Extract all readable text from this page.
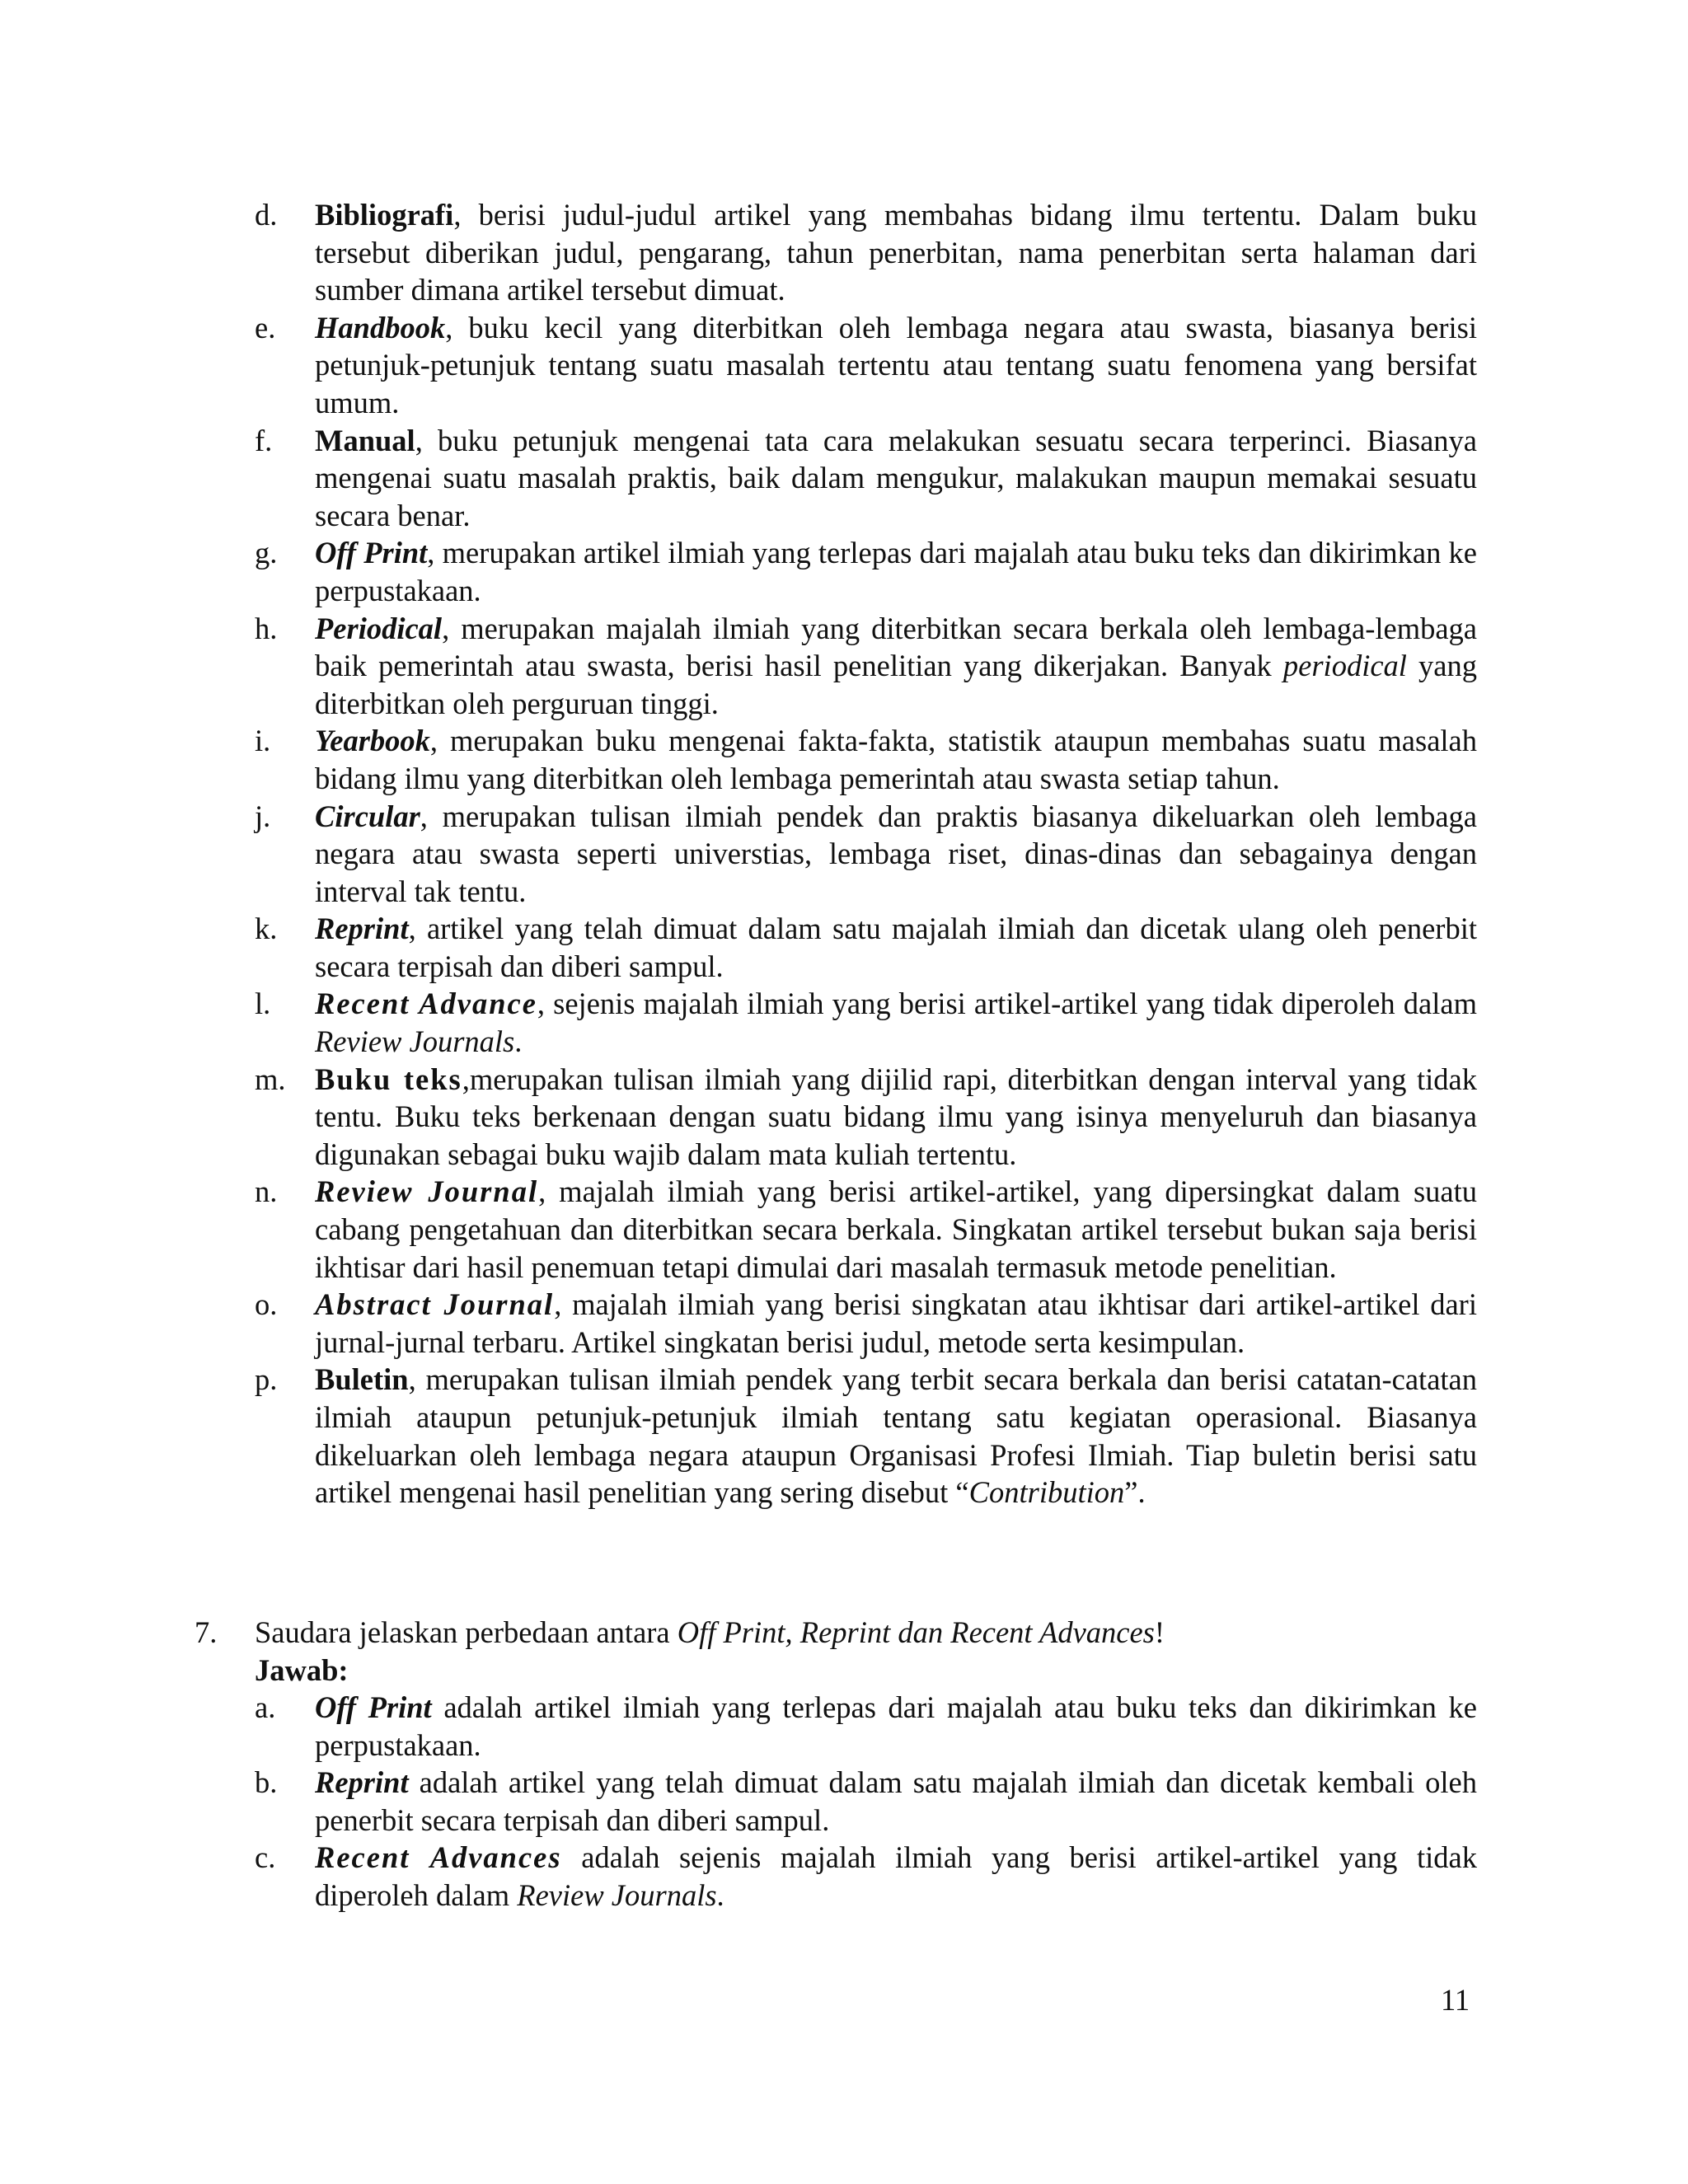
d. Bibliografi, berisi judul-judul artikel yang membahas bidang ilmu tertentu. Dalam buku tersebut diberikan judul, pengarang, tahun penerbitan, nama penerbitan serta halaman dari sumber dimana artikel tersebut dimuat.
e. Handbook, buku kecil yang diterbitkan oleh lembaga negara atau swasta, biasanya berisi petunjuk-petunjuk tentang suatu masalah tertentu atau tentang suatu fenomena yang bersifat umum.
f. Manual, buku petunjuk mengenai tata cara melakukan sesuatu secara terperinci. Biasanya mengenai suatu masalah praktis, baik dalam mengukur, malakukan maupun memakai sesuatu secara benar.
g. Off Print, merupakan artikel ilmiah yang terlepas dari majalah atau buku teks dan dikirimkan ke perpustakaan.
h. Periodical, merupakan majalah ilmiah yang diterbitkan secara berkala oleh lembaga-lembaga baik pemerintah atau swasta, berisi hasil penelitian yang dikerjakan. Banyak periodical yang diterbitkan oleh perguruan tinggi.
i. Yearbook, merupakan buku mengenai fakta-fakta, statistik ataupun membahas suatu masalah bidang ilmu yang diterbitkan oleh lembaga pemerintah atau swasta setiap tahun.
j. Circular, merupakan tulisan ilmiah pendek dan praktis biasanya dikeluarkan oleh lembaga negara atau swasta seperti universtias, lembaga riset, dinas-dinas dan sebagainya dengan interval tak tentu.
k. Reprint, artikel yang telah dimuat dalam satu majalah ilmiah dan dicetak ulang oleh penerbit secara terpisah dan diberi sampul.
l. Recent Advance, sejenis majalah ilmiah yang berisi artikel-artikel yang tidak diperoleh dalam Review Journals.
m. Buku teks,merupakan tulisan ilmiah yang dijilid rapi, diterbitkan dengan interval yang tidak tentu. Buku teks berkenaan dengan suatu bidang ilmu yang isinya menyeluruh dan biasanya digunakan sebagai buku wajib dalam mata kuliah tertentu.
n. Review Journal, majalah ilmiah yang berisi artikel-artikel, yang dipersingkat dalam suatu cabang pengetahuan dan diterbitkan secara berkala. Singkatan artikel tersebut bukan saja berisi ikhtisar dari hasil penemuan tetapi dimulai dari masalah termasuk metode penelitian.
o. Abstract Journal, majalah ilmiah yang berisi singkatan atau ikhtisar dari artikel-artikel dari jurnal-jurnal terbaru. Artikel singkatan berisi judul, metode serta kesimpulan.
p. Buletin, merupakan tulisan ilmiah pendek yang terbit secara berkala dan berisi catatan-catatan ilmiah ataupun petunjuk-petunjuk ilmiah tentang satu kegiatan operasional. Biasanya dikeluarkan oleh lembaga negara ataupun Organisasi Profesi Ilmiah. Tiap buletin berisi satu artikel mengenai hasil penelitian yang sering disebut “Contribution”.
7. Saudara jelaskan perbedaan antara Off Print, Reprint dan Recent Advances!
Jawab:
a. Off Print adalah artikel ilmiah yang terlepas dari majalah atau buku teks dan dikirimkan ke perpustakaan.
b. Reprint adalah artikel yang telah dimuat dalam satu majalah ilmiah dan dicetak kembali oleh penerbit secara terpisah dan diberi sampul.
c. Recent Advances adalah sejenis majalah ilmiah yang berisi artikel-artikel yang tidak diperoleh dalam Review Journals.
11
